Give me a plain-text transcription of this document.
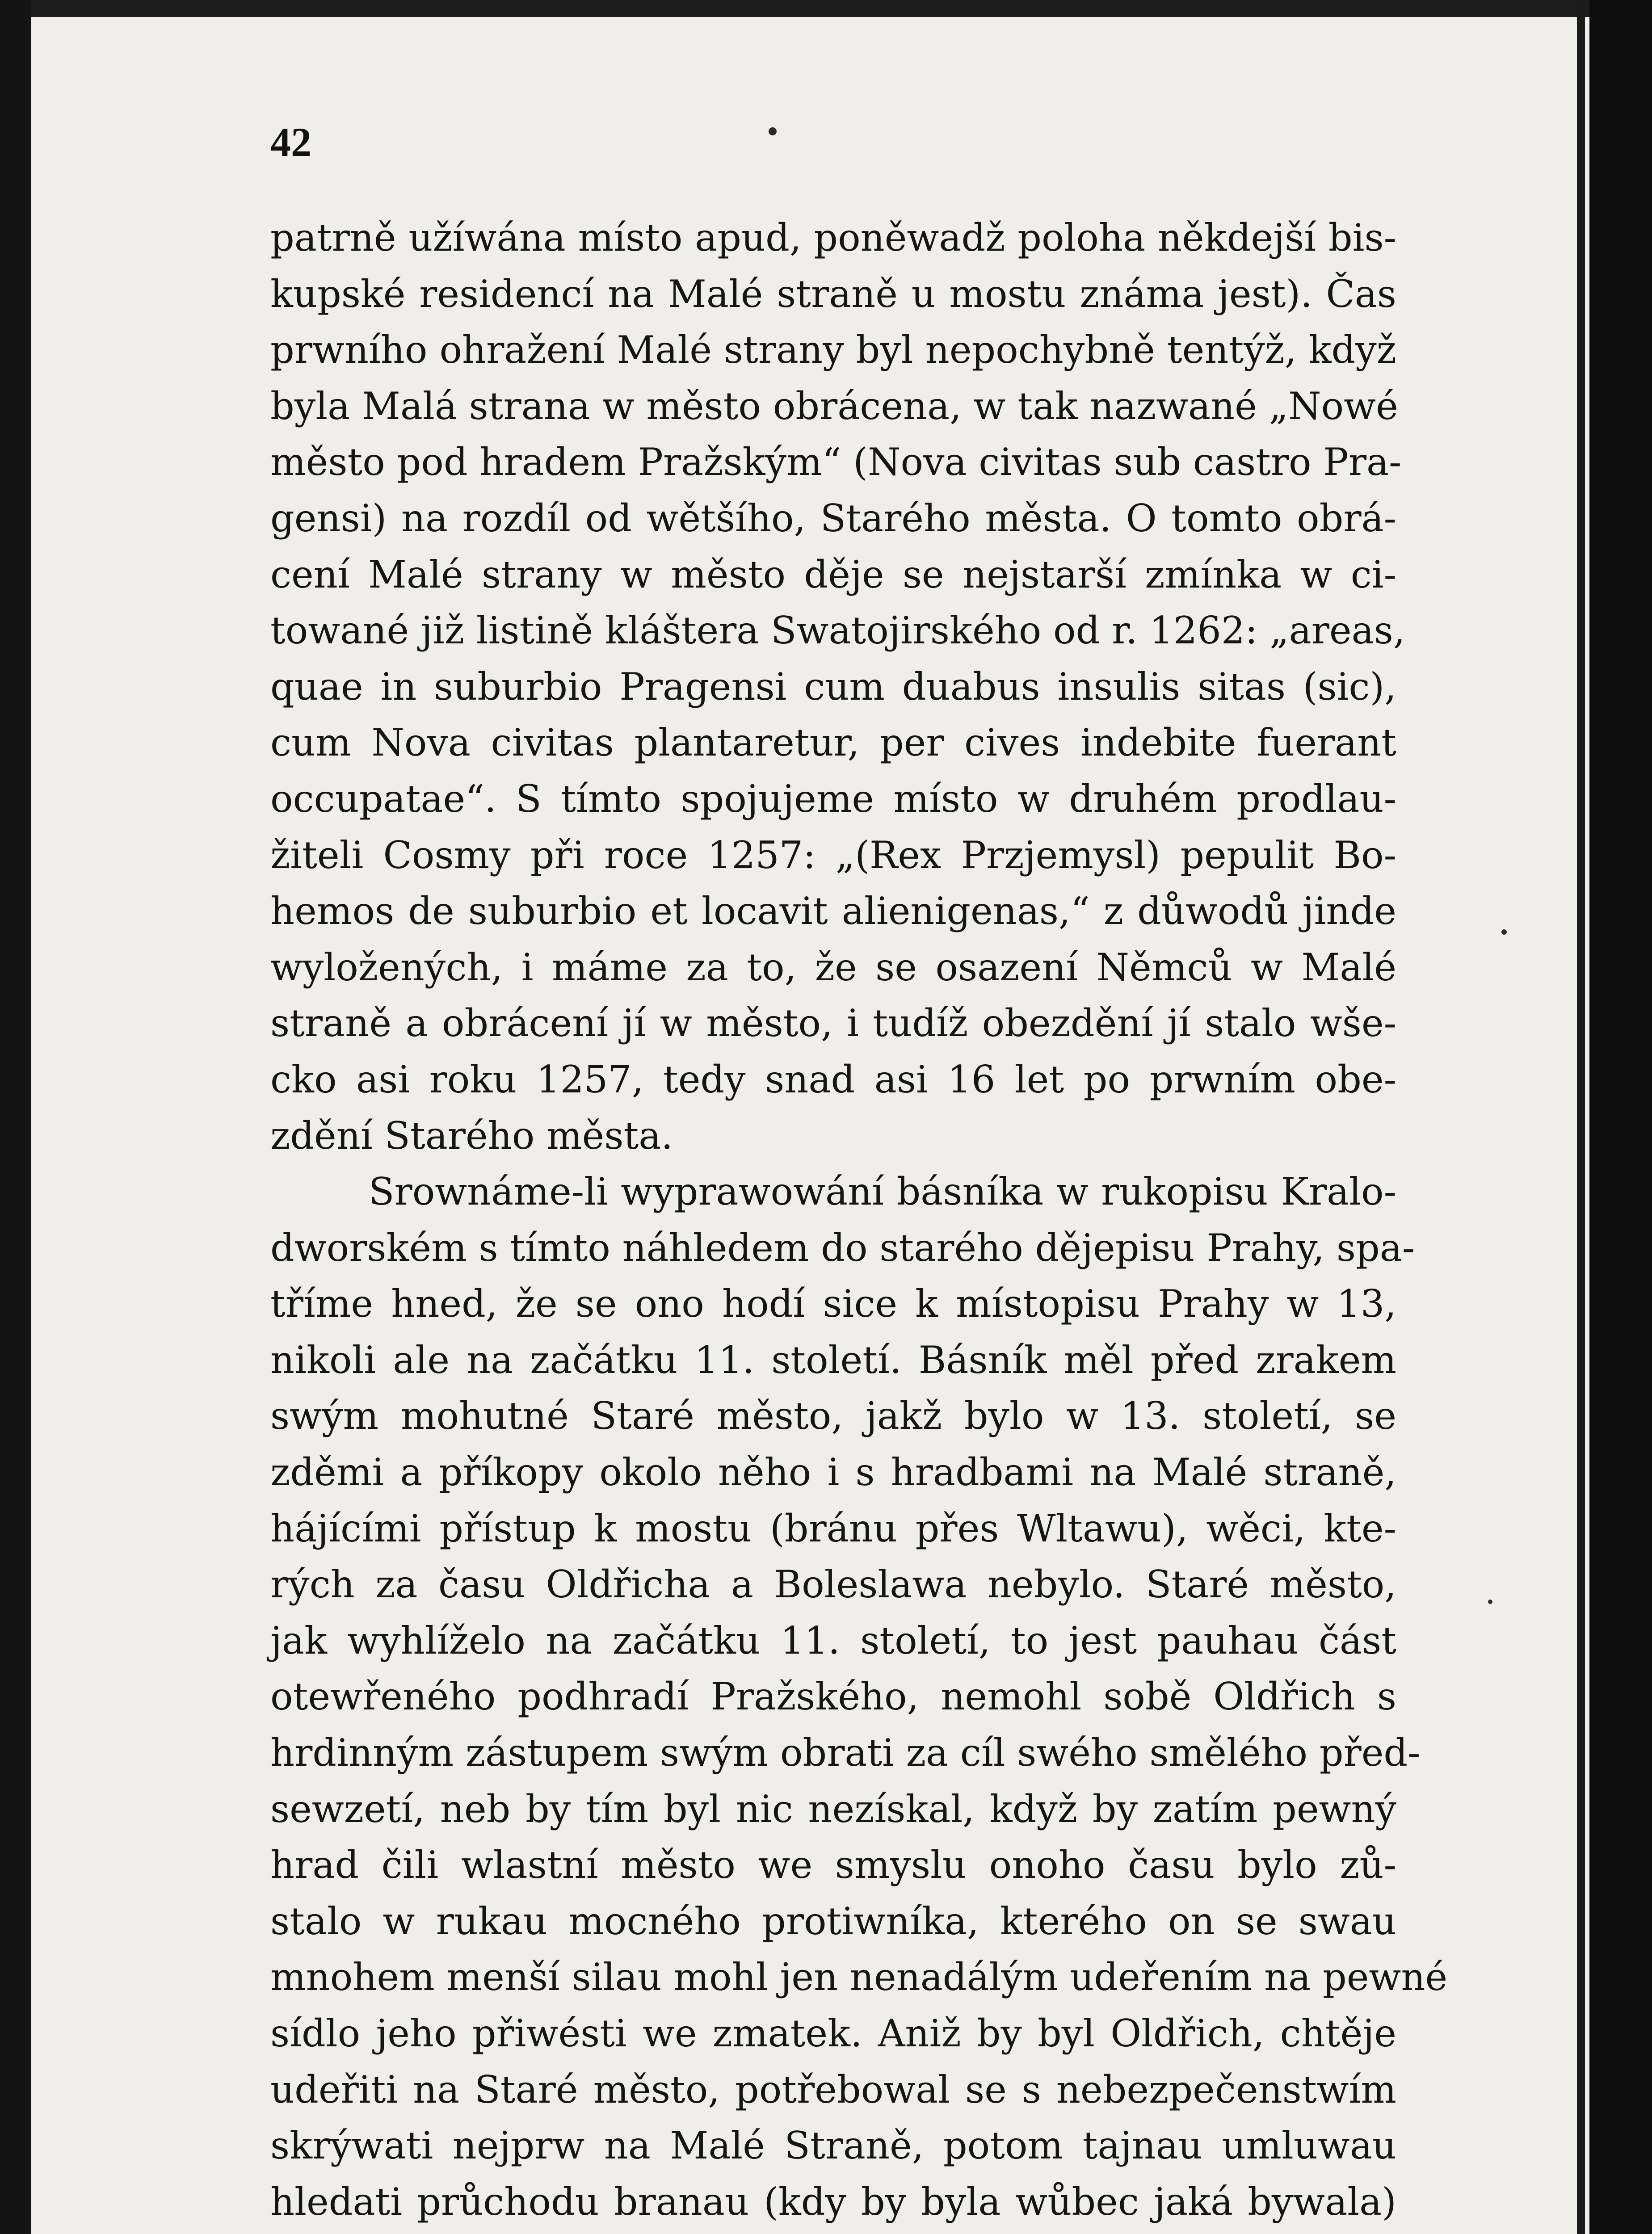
42
patrně užíwána místo apud, poněwadž poloha někdejší bis-
kupské residencí na Malé straně u mostu známa jest). Čas
prwního ohražení Malé strany byl nepochybně tentýž, když
byla Malá strana w město obrácena, w tak nazwané „Nowé
město pod hradem Pražským“ (Nova civitas sub castro Pra-
gensi) na rozdíl od wětšího, Starého města. O tomto obrá-
cení Malé strany w město děje se nejstarší zmínka w ci-
towané již listině kláštera Swatojirského od r. 1262: „areas,
quae in suburbio Pragensi cum duabus insulis sitas (sic),
cum Nova civitas plantaretur, per cives indebite fuerant
occupatae“. S tímto spojujeme místo w druhém prodlau-
žiteli Cosmy při roce 1257: „(Rex Przjemysl) pepulit Bo-
hemos de suburbio et locavit alienigenas,“ z důwodů jinde
wyložených, i máme za to, že se osazení Němců w Malé
straně a obrácení jí w město, i tudíž obezdění jí stalo wše-
cko asi roku 1257, tedy snad asi 16 let po prwním obe-
zdění Starého města.
Srownáme-li wyprawowání básníka w rukopisu Kralo-
dworském s tímto náhledem do starého dějepisu Prahy, spa-
tříme hned, že se ono hodí sice k místopisu Prahy w 13,
nikoli ale na začátku 11. století. Básník měl před zrakem
swým mohutné Staré město, jakž bylo w 13. století, se
zděmi a příkopy okolo něho i s hradbami na Malé straně,
hájícími přístup k mostu (bránu přes Wltawu), wěci, kte-
rých za času Oldřicha a Boleslawa nebylo. Staré město,
jak wyhlíželo na začátku 11. století, to jest pauhau část
otewřeného podhradí Pražského, nemohl sobě Oldřich s
hrdinným zástupem swým obrati za cíl swého smělého před-
sewzetí, neb by tím byl nic nezískal, když by zatím pewný
hrad čili wlastní město we smyslu onoho času bylo zů-
stalo w rukau mocného protiwníka, kterého on se swau
mnohem menší silau mohl jen nenadálým udeřením na pewné
sídlo jeho přiwésti we zmatek. Aniž by byl Oldřich, chtěje
udeřiti na Staré město, potřebowal se s nebezpečenstwím
skrýwati nejprw na Malé Straně, potom tajnau umluwau
hledati průchodu branau (kdy by byla wůbec jaká bywala)
